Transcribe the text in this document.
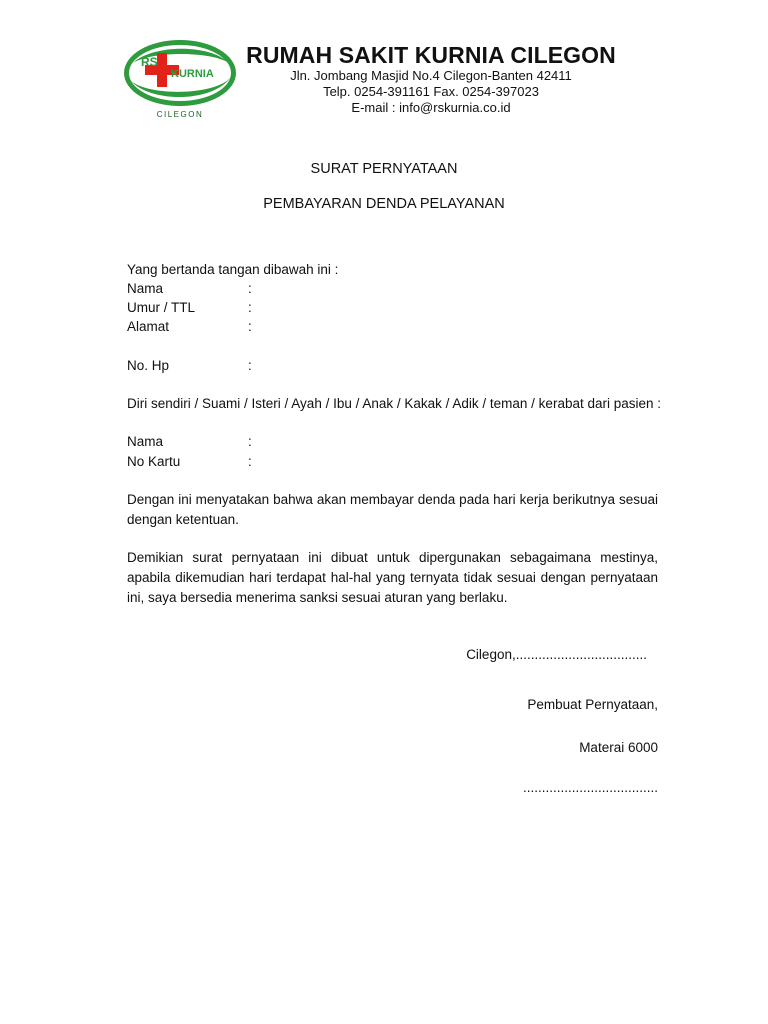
RS
KURNIA
CILEGON
RUMAH SAKIT KURNIA CILEGON
Jln. Jombang Masjid No.4 Cilegon-Banten 42411
Telp. 0254-391161 Fax. 0254-397023
E-mail : info@rskurnia.co.id
SURAT PERNYATAAN
PEMBAYARAN DENDA PELAYANAN
Yang bertanda tangan dibawah ini :
Nama	:
Umur / TTL	:
Alamat	:
No. Hp	:
Diri sendiri / Suami / Isteri / Ayah / Ibu / Anak / Kakak / Adik / teman / kerabat dari pasien :
Nama	:
No Kartu	:
Dengan ini menyatakan bahwa akan membayar denda pada hari kerja berikutnya sesuai dengan ketentuan.
Demikian surat pernyataan ini dibuat untuk dipergunakan sebagaimana mestinya, apabila dikemudian hari terdapat hal-hal yang ternyata tidak sesuai dengan pernyataan ini, saya bersedia menerima sanksi sesuai aturan yang berlaku.
Cilegon,...................................
Pembuat Pernyataan,
Materai 6000
....................................
